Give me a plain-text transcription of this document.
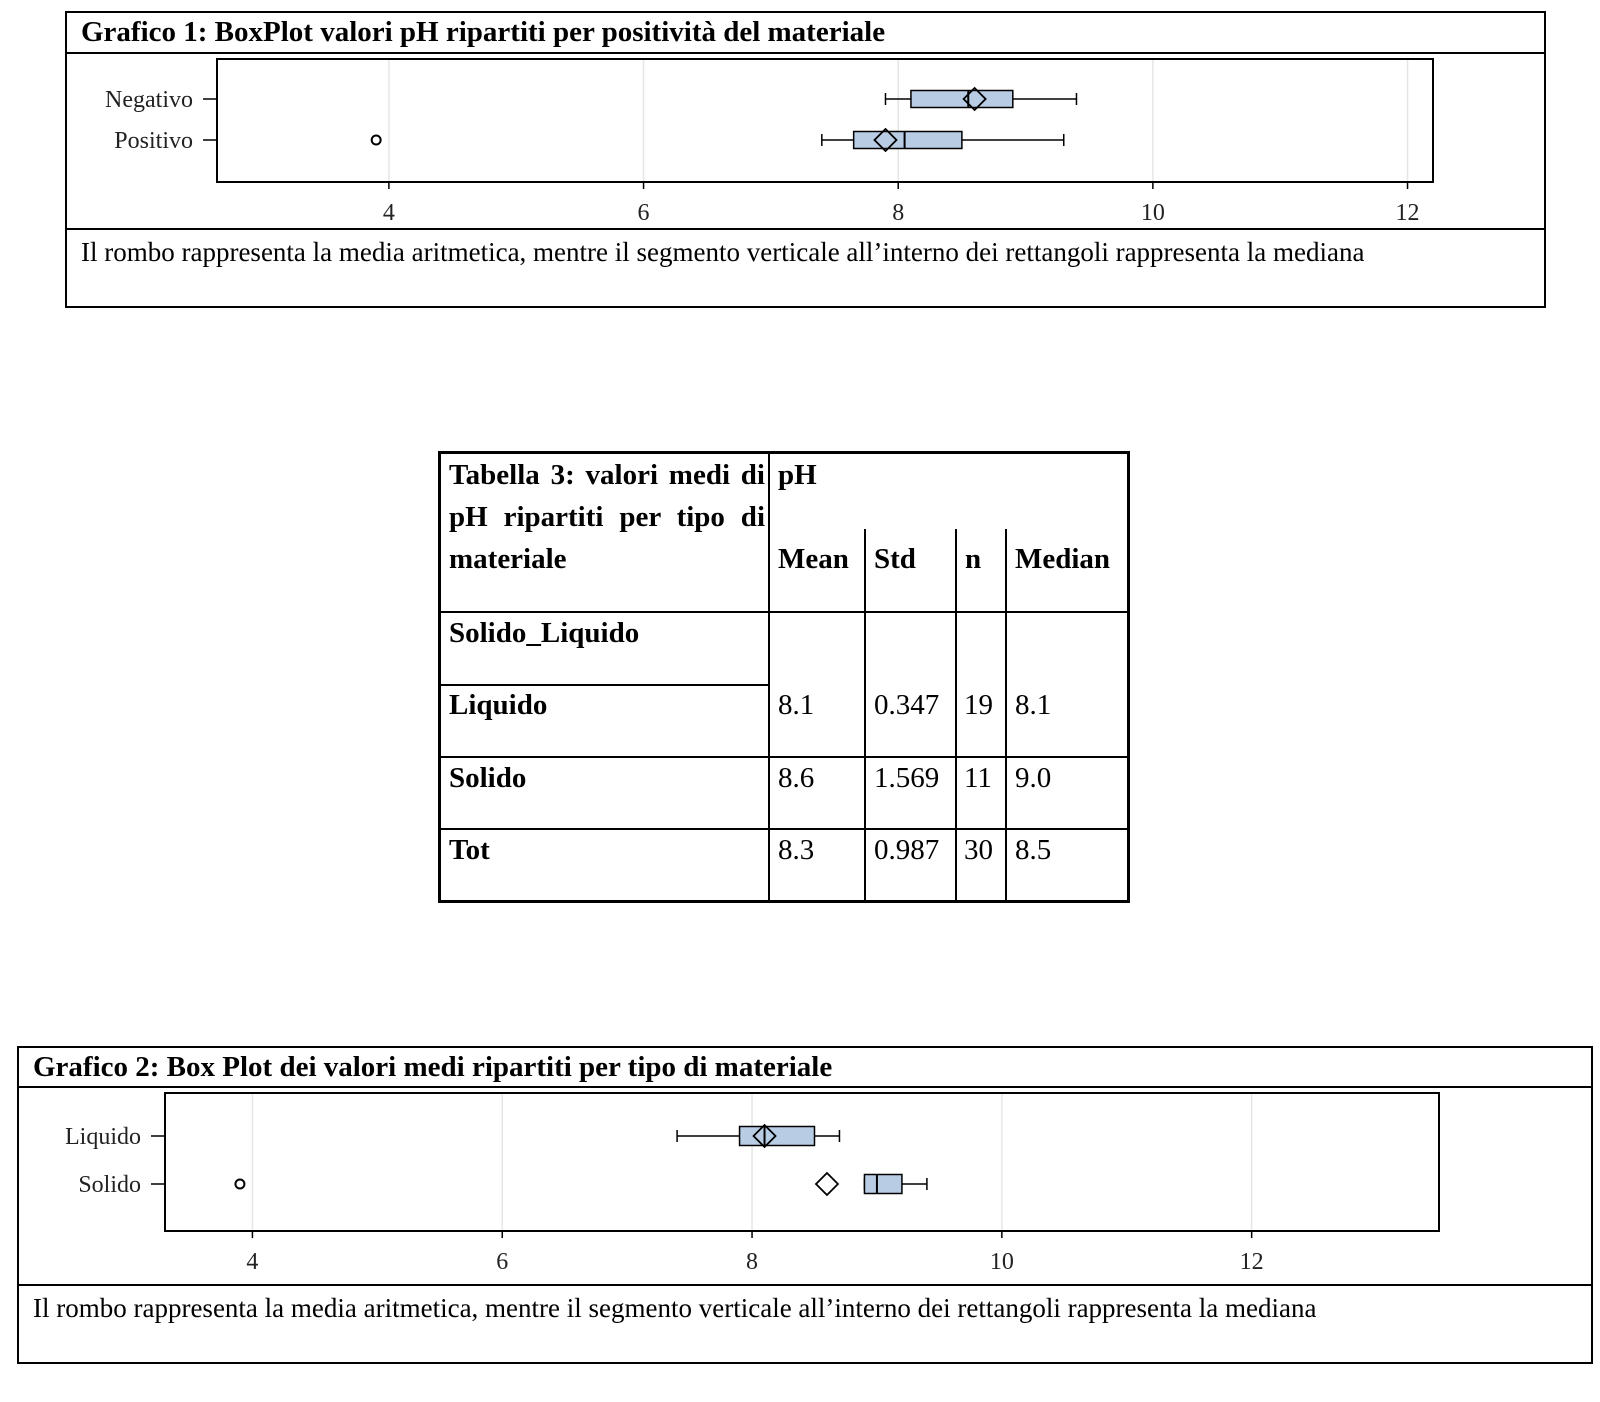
Grafico 1: BoxPlot valori pH ripartiti per positività del materiale
4	6	8	10	12
Negativo
Positivo
Il rombo rappresenta la media aritmetica, mentre il segmento verticale all’interno dei rettangoli rappresenta la mediana
Tabella 3: valori medi di pH ripartiti per tipo di materiale
pH
Mean Std n Median
Solido_Liquido
Liquido	8.1 0.347 19 8.1
Solido	8.6 1.569 11 9.0
Tot	8.3 0.987 30 8.5
Grafico 2: Box Plot dei valori medi ripartiti per tipo di materiale
4	6	8	10	12
Liquido
Solido
Il rombo rappresenta la media aritmetica, mentre il segmento verticale all’interno dei rettangoli rappresenta la mediana
